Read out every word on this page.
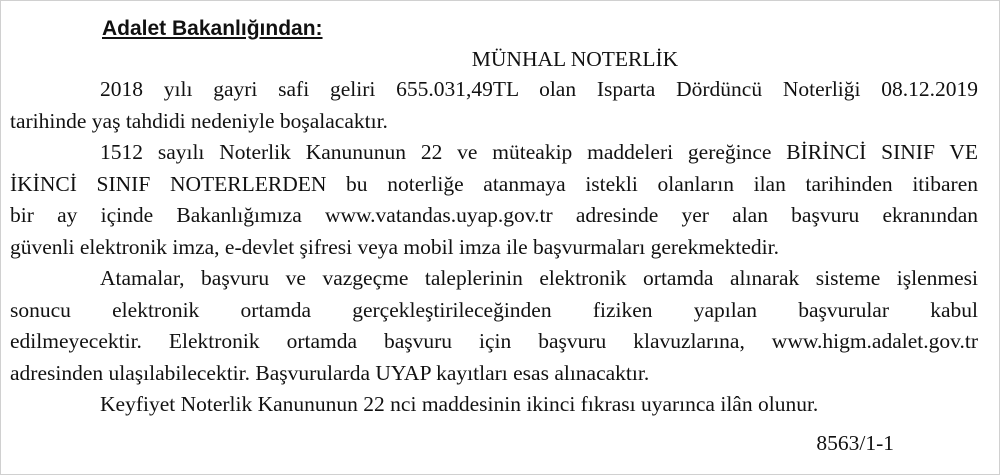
Adalet Bakanlığından:

MÜNHAL NOTERLİK

2018 yılı gayri safi geliri 655.031,49TL olan Isparta Dördüncü Noterliği 08.12.2019
tarihinde yaş tahdidi nedeniyle boşalacaktır.

1512 sayılı Noterlik Kanununun 22 ve müteakip maddeleri gereğince BİRİNCİ SINIF VE
İKİNCİ SINIF NOTERLERDEN bu noterliğe atanmaya istekli olanların ilan tarihinden itibaren
bir ay içinde Bakanlığımıza www.vatandas.uyap.gov.tr adresinde yer alan başvuru ekranından
güvenli elektronik imza, e-devlet şifresi veya mobil imza ile başvurmaları gerekmektedir.

Atamalar, başvuru ve vazgeçme taleplerinin elektronik ortamda alınarak sisteme işlenmesi
sonucu elektronik ortamda gerçekleştirileceğinden fiziken yapılan başvurular kabul
edilmeyecektir. Elektronik ortamda başvuru için başvuru klavuzlarına, www.higm.adalet.gov.tr
adresinden ulaşılabilecektir. Başvurularda UYAP kayıtları esas alınacaktır.

Keyfiyet Noterlik Kanununun 22 nci maddesinin ikinci fıkrası uyarınca ilân olunur.

8563/1-1
